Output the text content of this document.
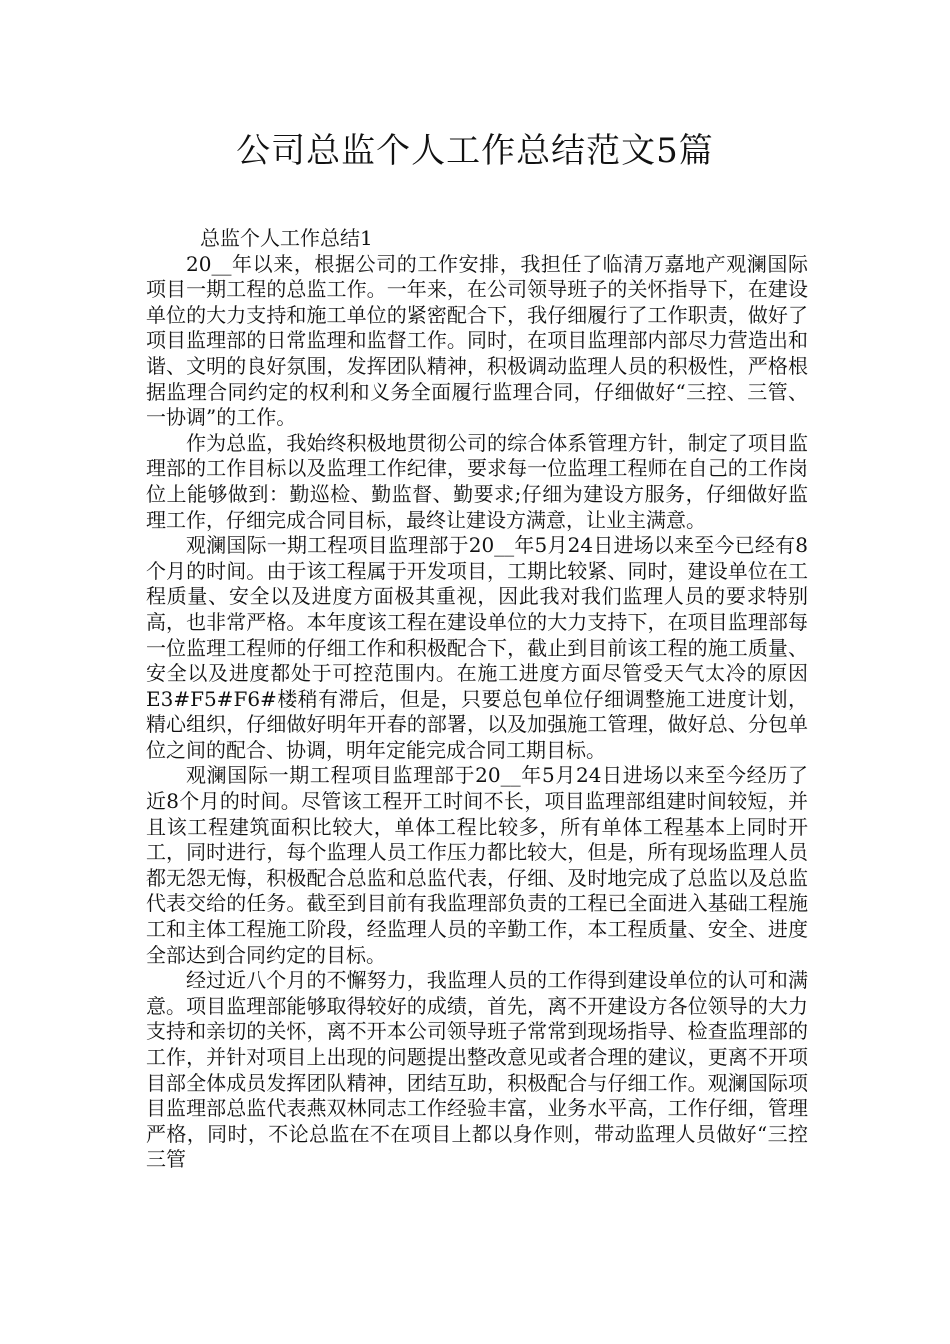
公司总监个人工作总结范文5篇

总监个人工作总结1

20__年以来，根据公司的工作安排，我担任了临清万嘉地产观澜国际项目一期工程的总监工作。一年来，在公司领导班子的关怀指导下，在建设单位的大力支持和施工单位的紧密配合下，我仔细履行了工作职责，做好了项目监理部的日常监理和监督工作。同时，在项目监理部内部尽力营造出和谐、文明的良好氛围，发挥团队精神，积极调动监理人员的积极性，严格根据监理合同约定的权利和义务全面履行监理合同，仔细做好“三控、三管、一协调”的工作。

作为总监，我始终积极地贯彻公司的综合体系管理方针，制定了项目监理部的工作目标以及监理工作纪律，要求每一位监理工程师在自己的工作岗位上能够做到：勤巡检、勤监督、勤要求;仔细为建设方服务，仔细做好监理工作，仔细完成合同目标，最终让建设方满意，让业主满意。

观澜国际一期工程项目监理部于20__年5月24日进场以来至今已经有8个月的时间。由于该工程属于开发项目，工期比较紧、同时，建设单位在工程质量、安全以及进度方面极其重视，因此我对我们监理人员的要求特别高，也非常严格。本年度该工程在建设单位的大力支持下，在项目监理部每一位监理工程师的仔细工作和积极配合下，截止到目前该工程的施工质量、安全以及进度都处于可控范围内。在施工进度方面尽管受天气太冷的原因E3#F5#F6#楼稍有滞后，但是，只要总包单位仔细调整施工进度计划，精心组织，仔细做好明年开春的部署，以及加强施工管理，做好总、分包单位之间的配合、协调，明年定能完成合同工期目标。

观澜国际一期工程项目监理部于20__年5月24日进场以来至今经历了近8个月的时间。尽管该工程开工时间不长，项目监理部组建时间较短，并且该工程建筑面积比较大，单体工程比较多，所有单体工程基本上同时开工，同时进行，每个监理人员工作压力都比较大，但是，所有现场监理人员都无怨无悔，积极配合总监和总监代表，仔细、及时地完成了总监以及总监代表交给的任务。截至到目前有我监理部负责的工程已全面进入基础工程施工和主体工程施工阶段，经监理人员的辛勤工作，本工程质量、安全、进度全部达到合同约定的目标。

经过近八个月的不懈努力，我监理人员的工作得到建设单位的认可和满意。项目监理部能够取得较好的成绩，首先，离不开建设方各位领导的大力支持和亲切的关怀，离不开本公司领导班子常常到现场指导、检查监理部的工作，并针对项目上出现的问题提出整改意见或者合理的建议，更离不开项目部全体成员发挥团队精神，团结互助，积极配合与仔细工作。观澜国际项目监理部总监代表燕双林同志工作经验丰富，业务水平高，工作仔细，管理严格，同时，不论总监在不在项目上都以身作则，带动监理人员做好“三控三管
